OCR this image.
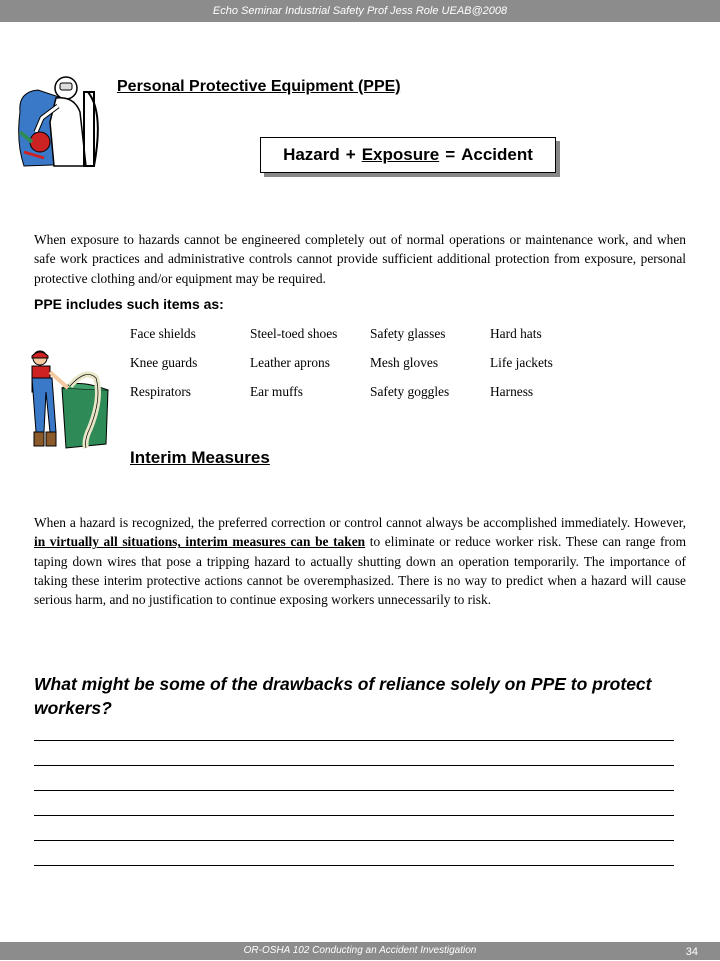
Echo Seminar Industrial Safety Prof Jess Role UEAB@2008
Personal Protective Equipment (PPE)
Hazard + Exposure = Accident
When exposure to hazards cannot be engineered completely out of normal operations or maintenance work, and when safe work practices and administrative controls cannot provide sufficient additional protection from exposure, personal protective clothing and/or equipment may be required.
PPE includes such items as:
Face shields	Steel-toed shoes	Safety glasses	Hard hats
Knee guards	Leather aprons	Mesh gloves	Life jackets
Respirators	Ear muffs	Safety goggles	Harness
Interim Measures
When a hazard is recognized, the preferred correction or control cannot always be accomplished immediately. However, in virtually all situations, interim measures can be taken to eliminate or reduce worker risk. These can range from taping down wires that pose a tripping hazard to actually shutting down an operation temporarily. The importance of taking these interim protective actions cannot be overemphasized. There is no way to predict when a hazard will cause serious harm, and no justification to continue exposing workers unnecessarily to risk.
What might be some of the drawbacks of reliance solely on PPE to protect workers?
OR-OSHA 102 Conducting an Accident Investigation	34
